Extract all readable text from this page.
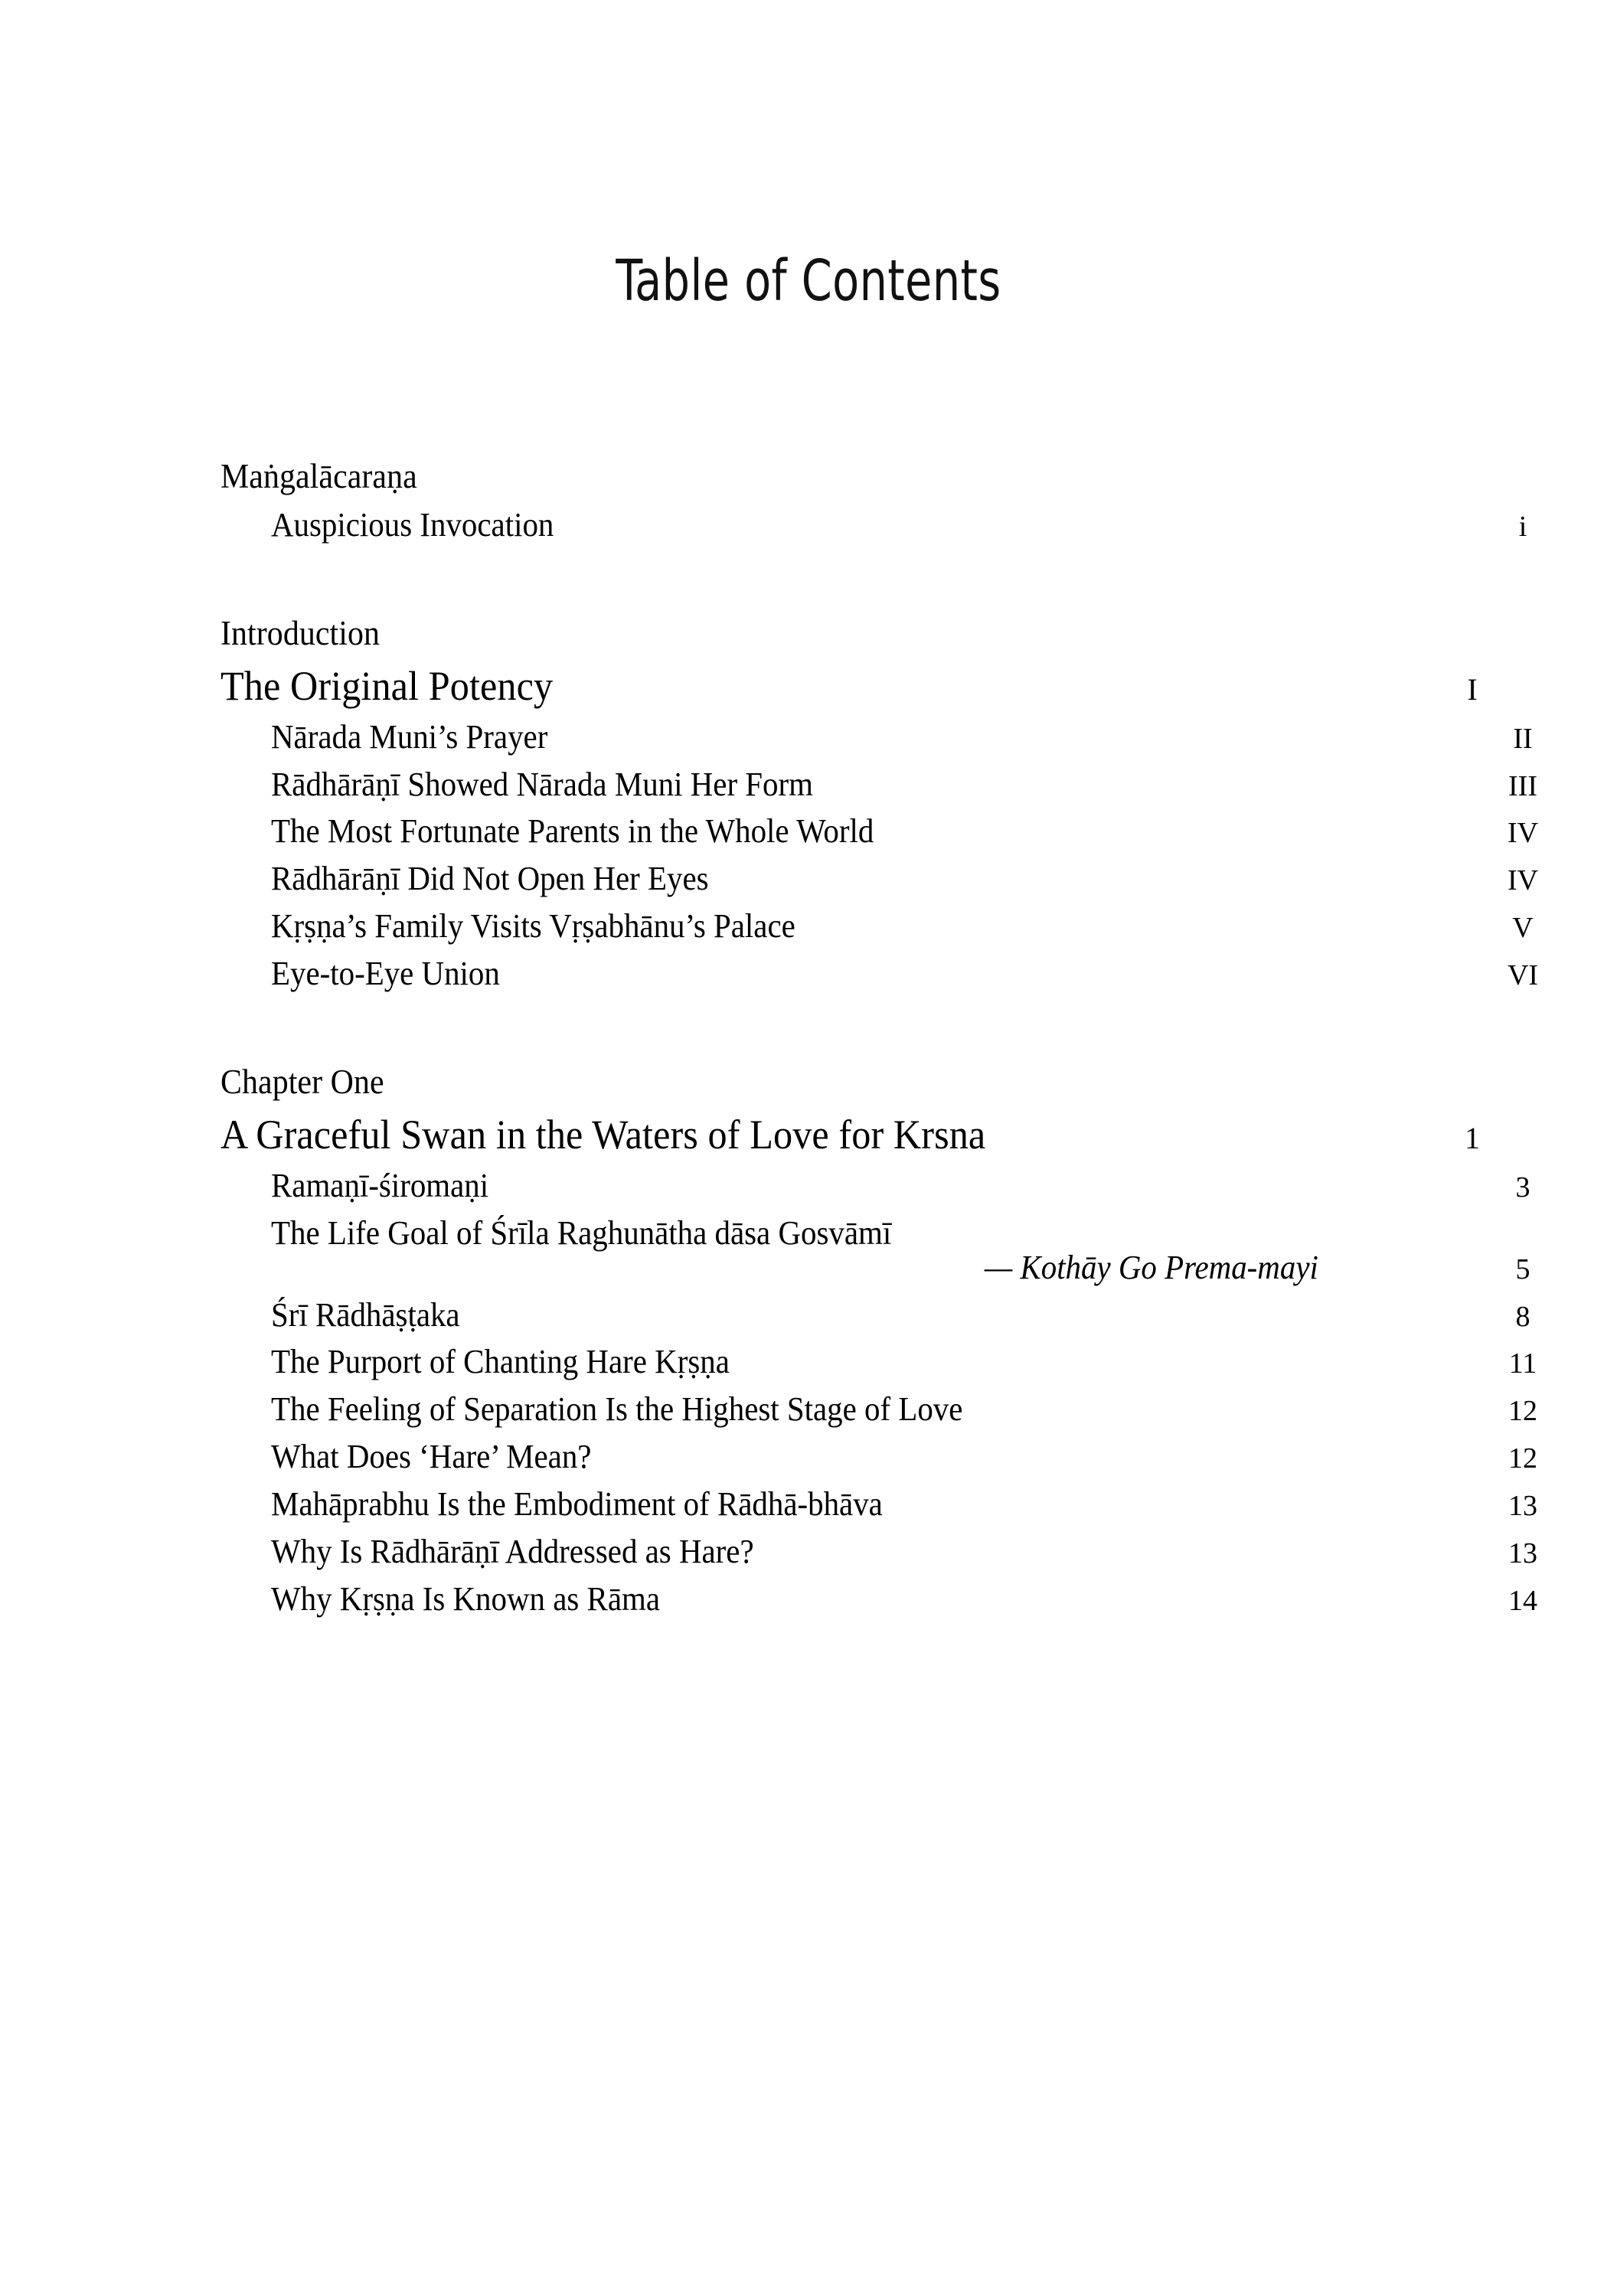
Table of Contents
Maṅgalācaraṇa
Auspicious Invocation	i
Introduction
The Original Potency	I
Nārada Muni’s Prayer	II
Rādhārāṇī Showed Nārada Muni Her Form	III
The Most Fortunate Parents in the Whole World	IV
Rādhārāṇī Did Not Open Her Eyes	IV
Kṛṣṇa’s Family Visits Vṛṣabhānu’s Palace	V
Eye-to-Eye Union	VI
Chapter One
A Graceful Swan in the Waters of Love for Krsna	1
Ramaṇī-śiromaṇi	3
The Life Goal of Śrīla Raghunātha dāsa Gosvāmī
— Kothāy Go Prema-mayi	5
Śrī Rādhāṣṭaka	8
The Purport of Chanting Hare Kṛṣṇa	11
The Feeling of Separation Is the Highest Stage of Love	12
What Does ‘Hare’ Mean?	12
Mahāprabhu Is the Embodiment of Rādhā-bhāva	13
Why Is Rādhārāṇī Addressed as Hare?	13
Why Kṛṣṇa Is Known as Rāma	14
